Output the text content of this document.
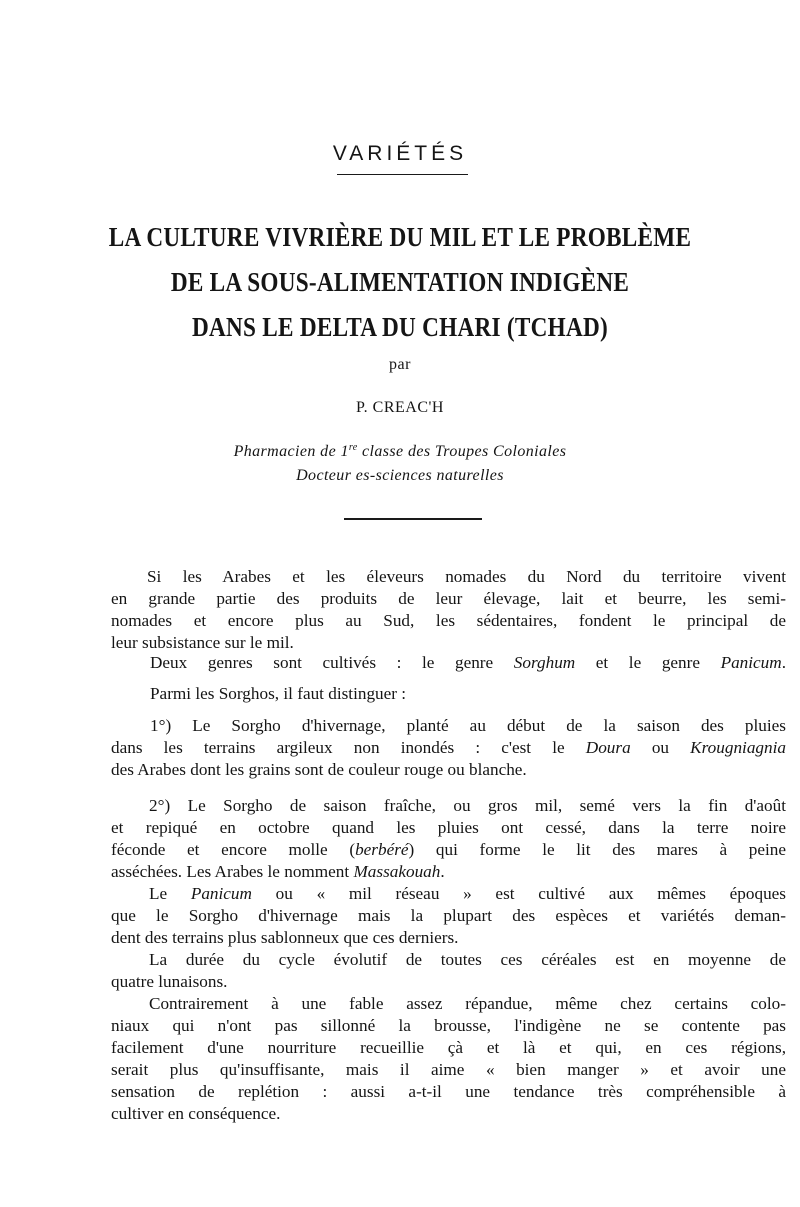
VARIÉTÉS
LA CULTURE VIVRIÈRE DU MIL ET LE PROBLÈME
DE LA SOUS-ALIMENTATION INDIGÈNE
DANS LE DELTA DU CHARI (TCHAD)
par
P. CREAC'H
Pharmacien de 1re classe des Troupes Coloniales
Docteur es-sciences naturelles
Si les Arabes et les éleveurs nomades du Nord du territoire vivent
en grande partie des produits de leur élevage, lait et beurre, les semi-
nomades et encore plus au Sud, les sédentaires, fondent le principal de
leur subsistance sur le mil.
Deux genres sont cultivés : le genre Sorghum et le genre Panicum.
Parmi les Sorghos, il faut distinguer :
1°) Le Sorgho d'hivernage, planté au début de la saison des pluies
dans les terrains argileux non inondés : c'est le Doura ou Krougniagnia
des Arabes dont les grains sont de couleur rouge ou blanche.
2°) Le Sorgho de saison fraîche, ou gros mil, semé vers la fin d'août
et repiqué en octobre quand les pluies ont cessé, dans la terre noire
féconde et encore molle (berbéré) qui forme le lit des mares à peine
asséchées. Les Arabes le nomment Massakouah.
Le Panicum ou « mil réseau » est cultivé aux mêmes époques
que le Sorgho d'hivernage mais la plupart des espèces et variétés deman-
dent des terrains plus sablonneux que ces derniers.
La durée du cycle évolutif de toutes ces céréales est en moyenne de
quatre lunaisons.
Contrairement à une fable assez répandue, même chez certains colo-
niaux qui n'ont pas sillonné la brousse, l'indigène ne se contente pas
facilement d'une nourriture recueillie çà et là et qui, en ces régions,
serait plus qu'insuffisante, mais il aime « bien manger » et avoir une
sensation de replétion : aussi a-t-il une tendance très compréhensible à
cultiver en conséquence.
